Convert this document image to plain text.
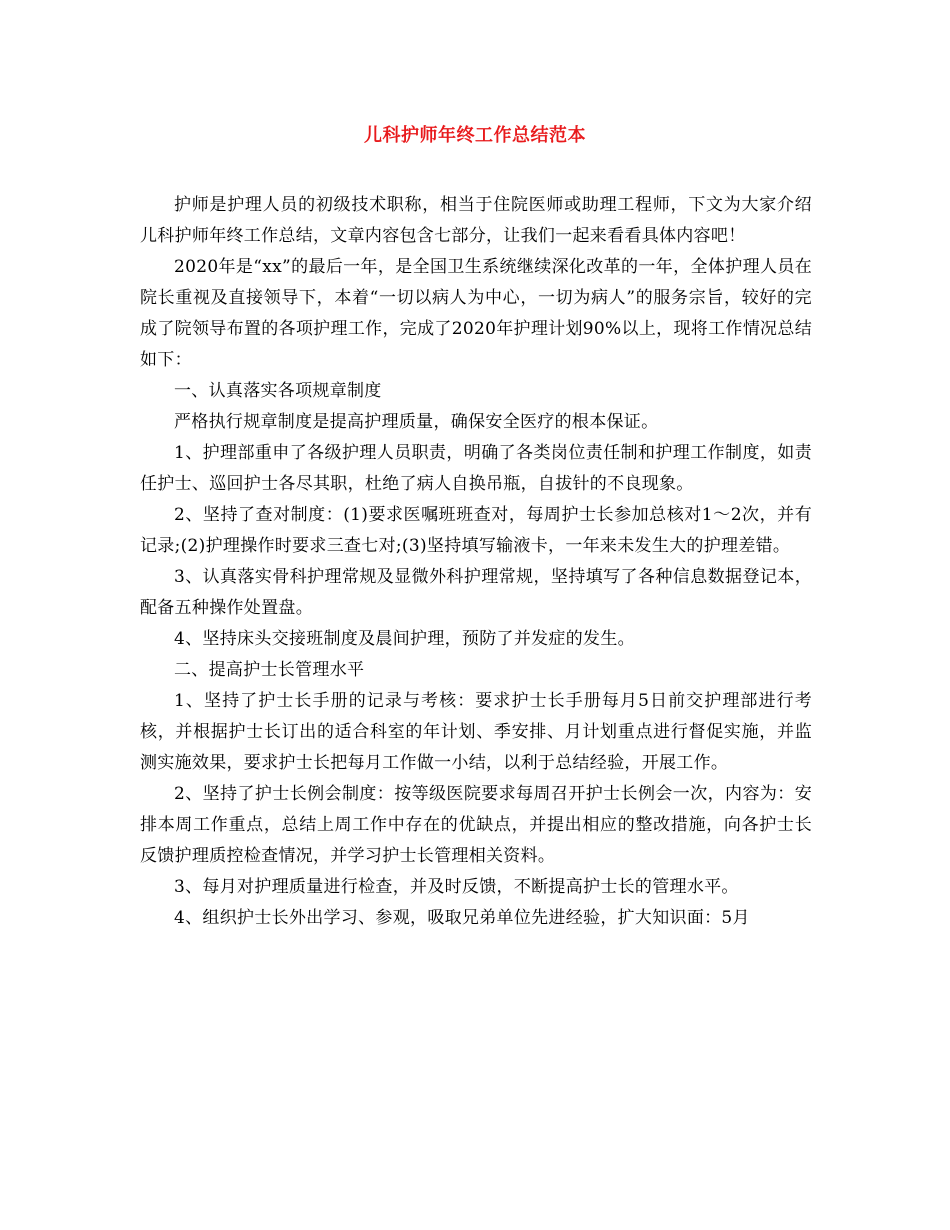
儿科护师年终工作总结范本

护师是护理人员的初级技术职称，相当于住院医师或助理工程师，下文为大家介绍儿科护师年终工作总结，文章内容包含七部分，让我们一起来看看具体内容吧！

2020年是“xx”的最后一年，是全国卫生系统继续深化改革的一年，全体护理人员在院长重视及直接领导下，本着“一切以病人为中心，一切为病人”的服务宗旨，较好的完成了院领导布置的各项护理工作，完成了2020年护理计划90%以上，现将工作情况总结如下：

一、认真落实各项规章制度

严格执行规章制度是提高护理质量，确保安全医疗的根本保证。

1、护理部重申了各级护理人员职责，明确了各类岗位责任制和护理工作制度，如责任护士、巡回护士各尽其职，杜绝了病人自换吊瓶，自拔针的不良现象。

2、坚持了查对制度：(1)要求医嘱班班查对，每周护士长参加总核对1～2次，并有记录;(2)护理操作时要求三查七对;(3)坚持填写输液卡，一年来未发生大的护理差错。

3、认真落实骨科护理常规及显微外科护理常规，坚持填写了各种信息数据登记本，配备五种操作处置盘。

4、坚持床头交接班制度及晨间护理，预防了并发症的发生。

二、提高护士长管理水平

1、坚持了护士长手册的记录与考核：要求护士长手册每月5日前交护理部进行考核，并根据护士长订出的适合科室的年计划、季安排、月计划重点进行督促实施，并监测实施效果，要求护士长把每月工作做一小结，以利于总结经验，开展工作。

2、坚持了护士长例会制度：按等级医院要求每周召开护士长例会一次，内容为：安排本周工作重点，总结上周工作中存在的优缺点，并提出相应的整改措施，向各护士长反馈护理质控检查情况，并学习护士长管理相关资料。

3、每月对护理质量进行检查，并及时反馈，不断提高护士长的管理水平。

4、组织护士长外出学习、参观，吸取兄弟单位先进经验，扩大知识面：5月
